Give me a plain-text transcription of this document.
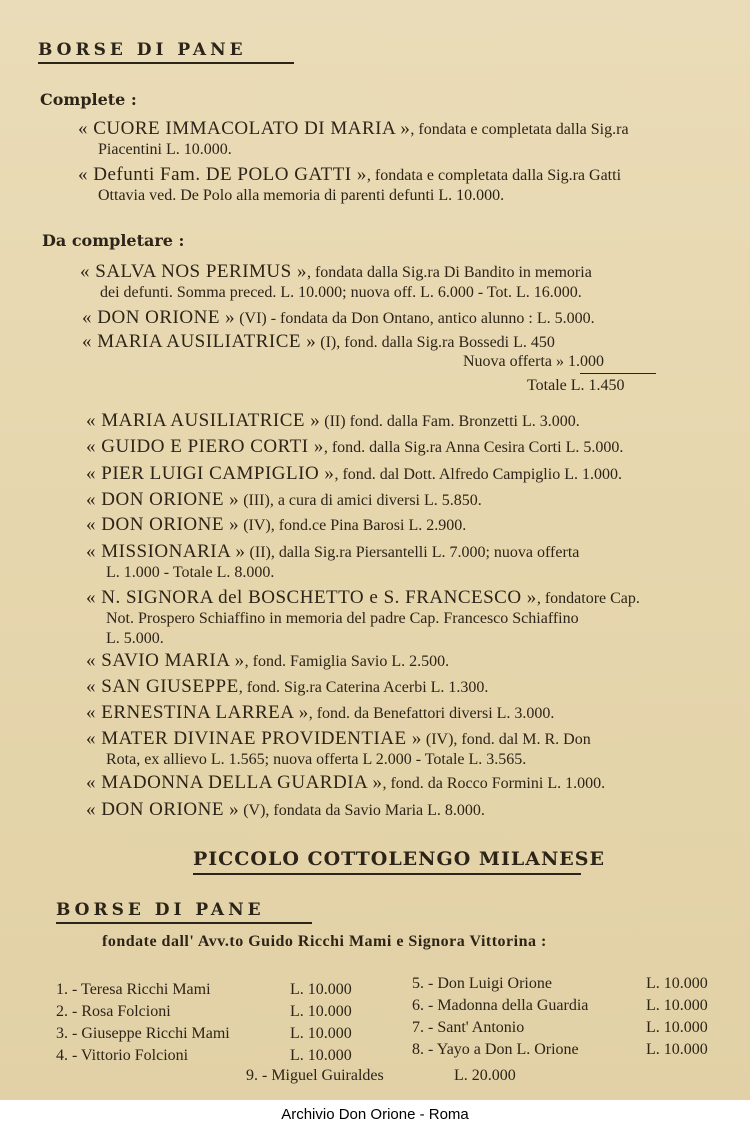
BORSE DI PANE
Complete :
« CUORE IMMACOLATO DI MARIA », fondata e completata dalla Sig.ra
Piacentini L. 10.000.
« Defunti Fam. DE POLO GATTI », fondata e completata dalla Sig.ra Gatti
Ottavia ved. De Polo alla memoria di parenti defunti L. 10.000.
Da completare :
« SALVA NOS PERIMUS », fondata dalla Sig.ra Di Bandito in memoria
dei defunti. Somma preced. L. 10.000; nuova off. L. 6.000 - Tot. L. 16.000.
« DON ORIONE » (VI) - fondata da Don Ontano, antico alunno : L. 5.000.
« MARIA AUSILIATRICE » (I), fond. dalla Sig.ra Bossedi L. 450
Nuova offerta » 1.000
Totale L. 1.450
« MARIA AUSILIATRICE » (II) fond. dalla Fam. Bronzetti L. 3.000.
« GUIDO E PIERO CORTI », fond. dalla Sig.ra Anna Cesira Corti L. 5.000.
« PIER LUIGI CAMPIGLIO », fond. dal Dott. Alfredo Campiglio L. 1.000.
« DON ORIONE » (III), a cura di amici diversi L. 5.850.
« DON ORIONE » (IV), fond.ce Pina Barosi L. 2.900.
« MISSIONARIA » (II), dalla Sig.ra Piersantelli L. 7.000; nuova offerta
L. 1.000 - Totale L. 8.000.
« N. SIGNORA del BOSCHETTO e S. FRANCESCO », fondatore Cap.
Not. Prospero Schiaffino in memoria del padre Cap. Francesco Schiaffino
L. 5.000.
« SAVIO MARIA », fond. Famiglia Savio L. 2.500.
« SAN GIUSEPPE, fond. Sig.ra Caterina Acerbi L. 1.300.
« ERNESTINA LARREA », fond. da Benefattori diversi L. 3.000.
« MATER DIVINAE PROVIDENTIAE » (IV), fond. dal M. R. Don
Rota, ex allievo L. 1.565; nuova offerta L 2.000 - Totale L. 3.565.
« MADONNA DELLA GUARDIA », fond. da Rocco Formini L. 1.000.
« DON ORIONE » (V), fondata da Savio Maria L. 8.000.
PICCOLO COTTOLENGO MILANESE
BORSE DI PANE
fondate dall' Avv.to Guido Ricchi Mami e Signora Vittorina :
1. - Teresa Ricchi Mami	L. 10.000
2. - Rosa Folcioni	L. 10.000
3. - Giuseppe Ricchi Mami	L. 10.000
4. - Vittorio Folcioni	L. 10.000
5. - Don Luigi Orione	L. 10.000
6. - Madonna della Guardia	L. 10.000
7. - Sant' Antonio	L. 10.000
8. - Yayo a Don L. Orione	L. 10.000
9. - Miguel Guiraldes	L. 20.000
Archivio Don Orione - Roma
